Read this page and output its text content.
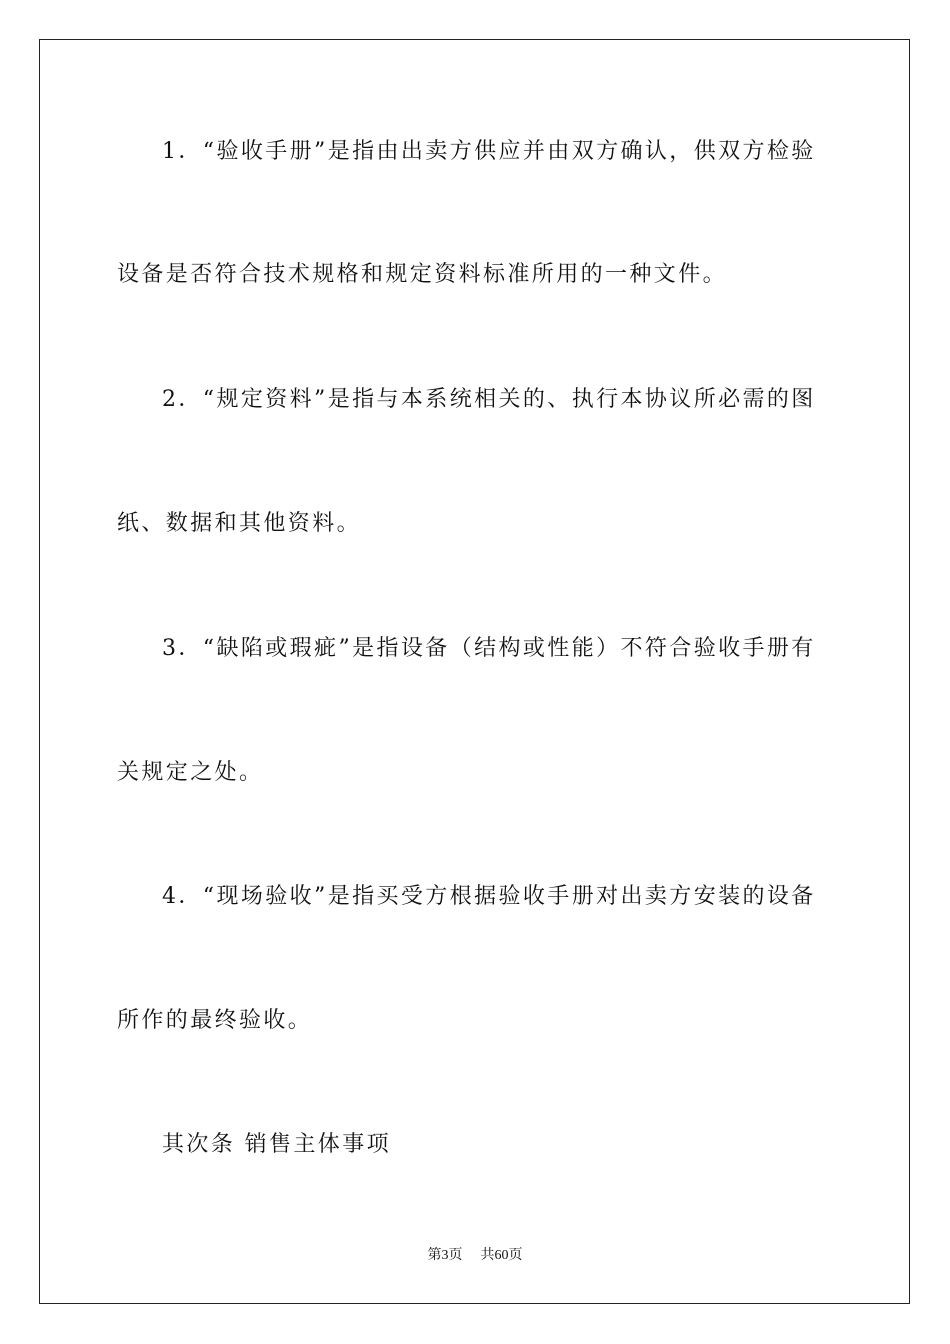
1．“验收手册”是指由出卖方供应并由双方确认，供双方检验
设备是否符合技术规格和规定资料标准所用的一种文件。
2．“规定资料”是指与本系统相关的、执行本协议所必需的图
纸、数据和其他资料。
3．“缺陷或瑕疵”是指设备（结构或性能）不符合验收手册有
关规定之处。
4．“现场验收”是指买受方根据验收手册对出卖方安装的设备
所作的最终验收。
其次条 销售主体事项
第3页 共60页
